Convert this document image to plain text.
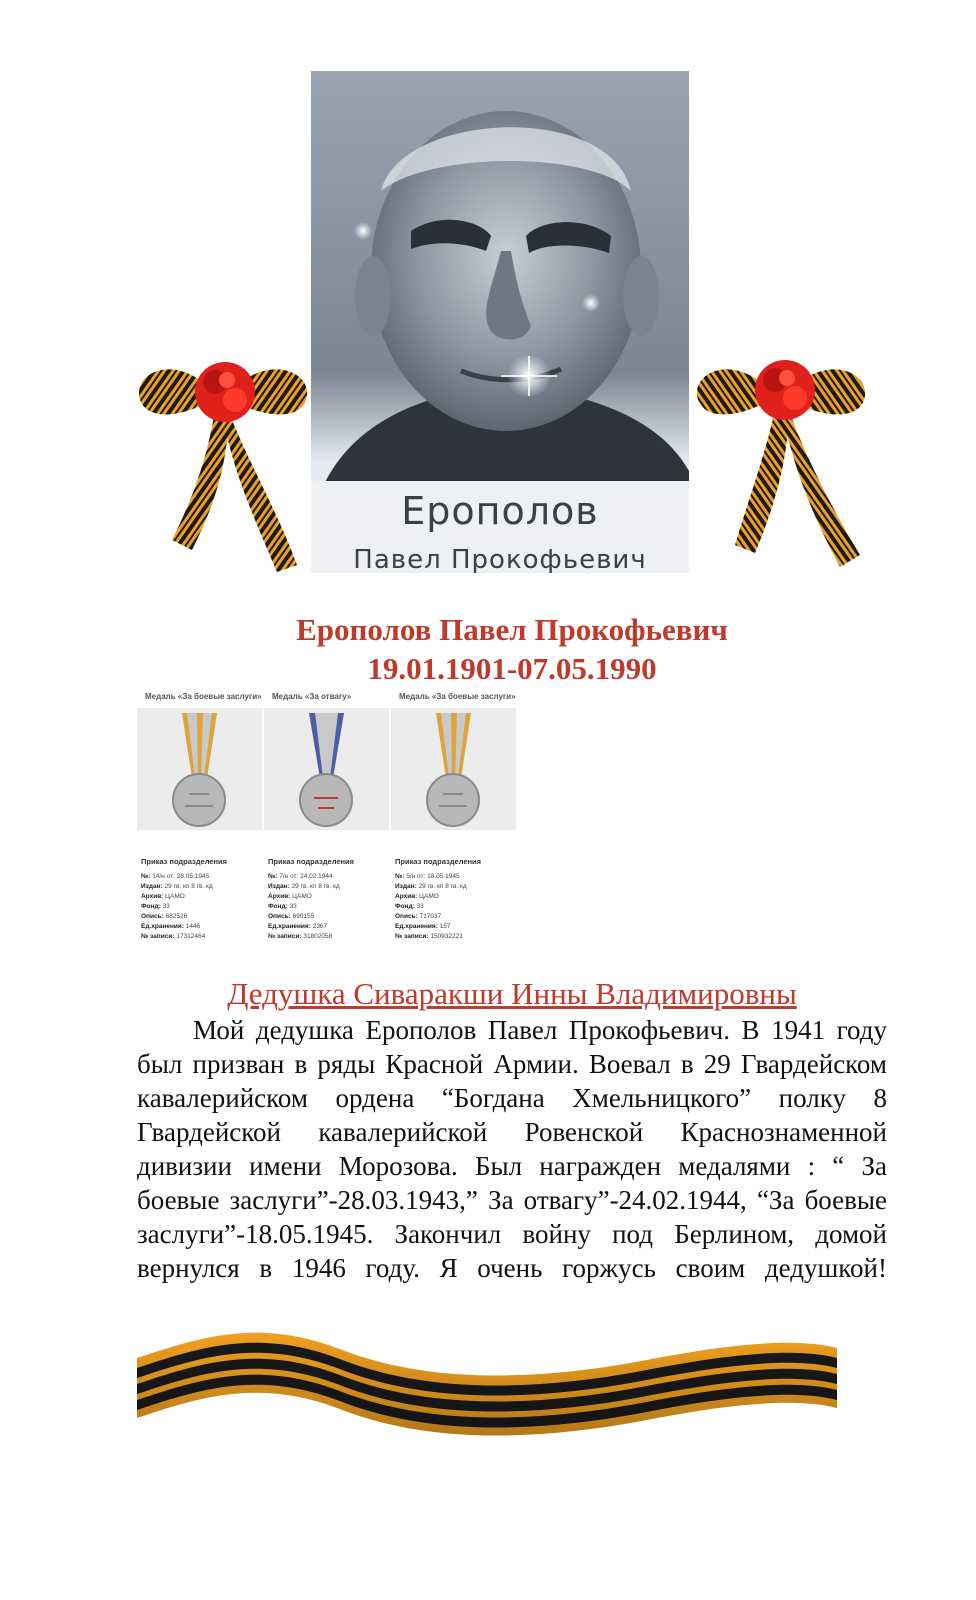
Ерополов
Павел Прокофьевич
Ерополов Павел Прокофьевич
19.01.1901-07.05.1990
Медаль «За боевые заслуги»
Приказ подразделения
№: 14/н от: 28.05.1945
Издан: 29 гв. кп 8 гв. кд
Архив: ЦАМО
Фонд: 33
Опись: 682526
Ед.хранения: 1446
№ записи: 17312464
Медаль «За отвагу»
Приказ подразделения
№: 7/н от: 24.02.1944
Издан: 29 гв. кп 8 гв. кд
Архив: ЦАМО
Фонд: 33
Опись: 690155
Ед.хранения: 2367
№ записи: 31802058
Медаль «За боевые заслуги»
Приказ подразделения
№: 5/н от: 18.05.1945
Издан: 29 гв. кп 8 гв. кд
Архив: ЦАМО
Фонд: 33
Опись: 717037
Ед.хранения: 157
№ записи: 150932221
Дедушка Сиваракши Инны Владимировны

Мой дедушка Ерополов Павел Прокофьевич. В 1941 году был призван в ряды Красной Армии. Воевал в 29 Гвардейском кавалерийском ордена “Богдана Хмельницкого” полку 8 Гвардейской кавалерийской Ровенской Краснознаменной дивизии имени Морозова. Был награжден медалями : “ За боевые заслуги”-28.03.1943,” За отвагу”-24.02.1944, “За боевые заслуги”-18.05.1945. Закончил войну под Берлином, домой вернулся в 1946 году. Я очень горжусь своим дедушкой!
